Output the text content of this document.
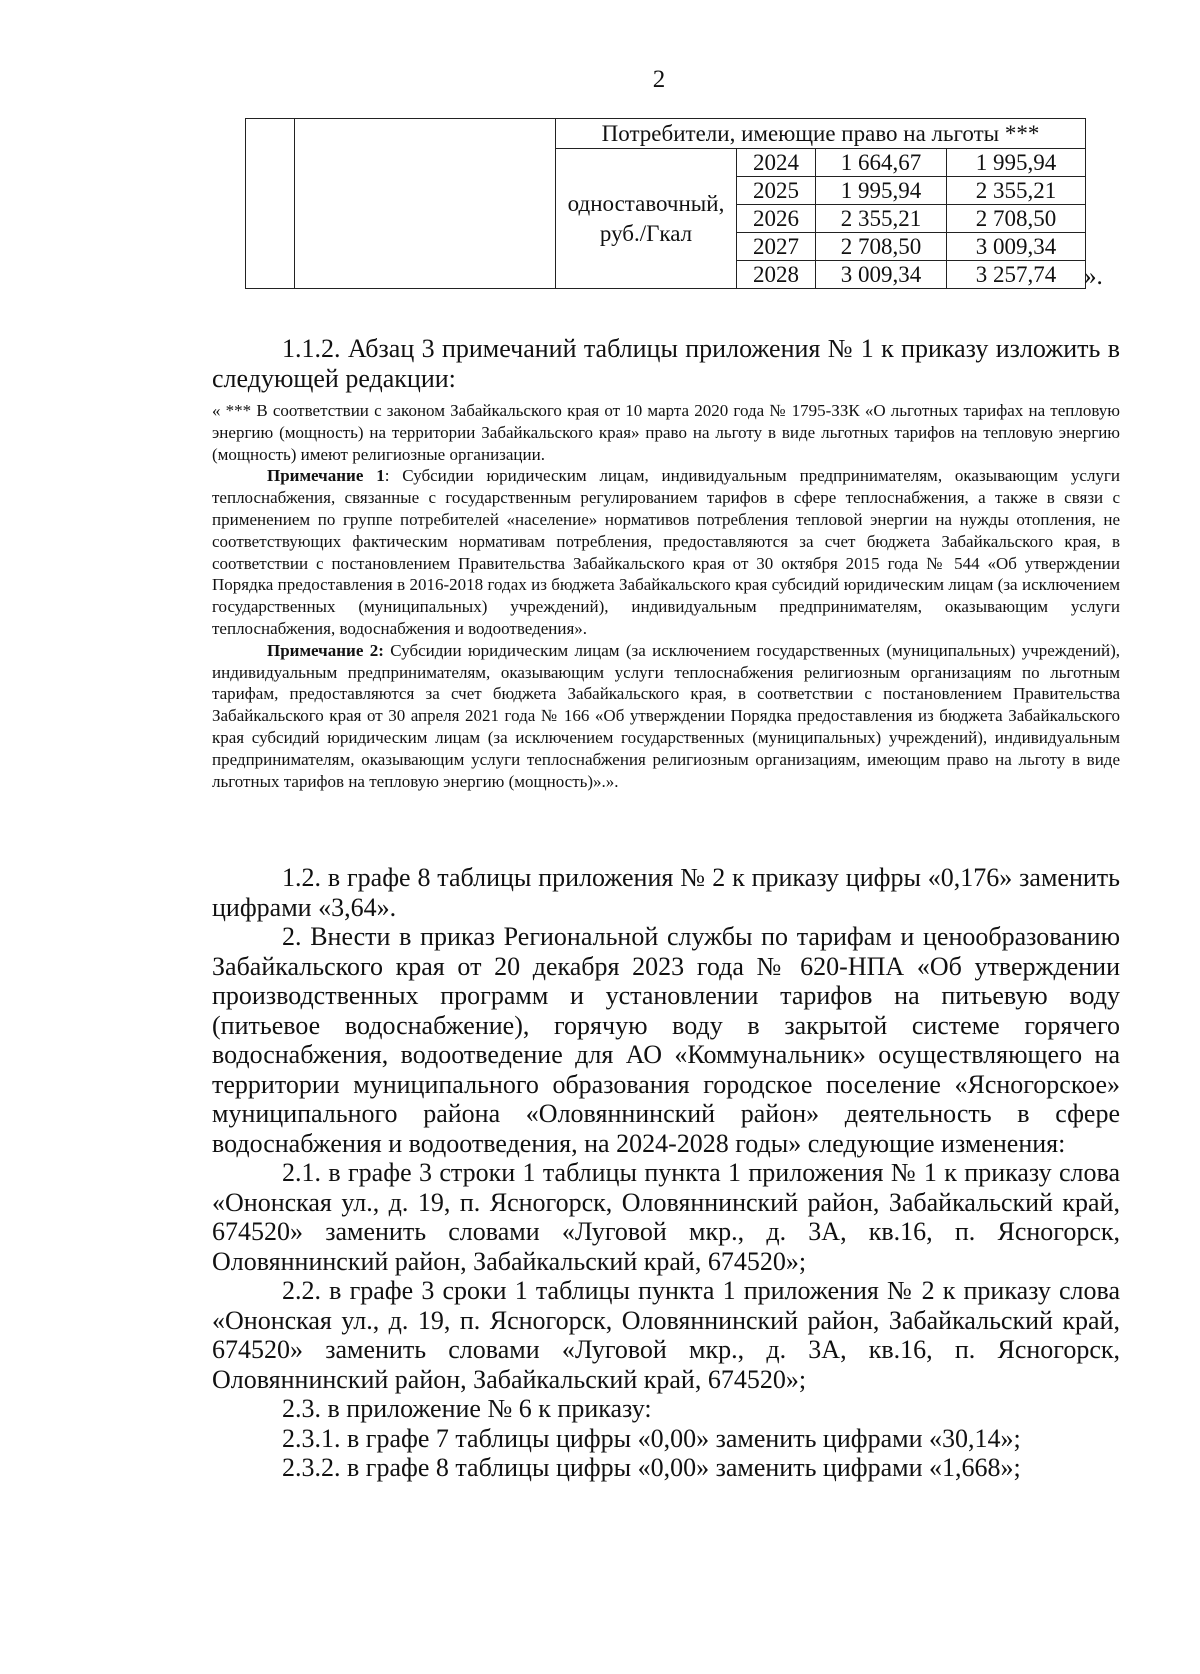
2
		Потребители, имеющие право на льготы ***			
		одноставочный, руб./Гкал	2024	1 664,67	1 995,94
			2025	1 995,94	2 355,21
			2026	2 355,21	2 708,50
			2027	2 708,50	3 009,34
			2028	3 009,34	3 257,74 ».

1.1.2. Абзац 3 примечаний таблицы приложения № 1 к приказу изложить в следующей редакции:

« *** В соответствии с законом Забайкальского края от 10 марта 2020 года № 1795-ЗЗК «О льготных тарифах на тепловую энергию (мощность) на территории Забайкальского края» право на льготу в виде льготных тарифов на тепловую энергию (мощность) имеют религиозные организации.

Примечание 1: Субсидии юридическим лицам, индивидуальным предпринимателям, оказывающим услуги теплоснабжения, связанные с государственным регулированием тарифов в сфере теплоснабжения, а также в связи с применением по группе потребителей «население» нормативов потребления тепловой энергии на нужды отопления, не соответствующих фактическим нормативам потребления, предоставляются за счет бюджета Забайкальского края, в соответствии с постановлением Правительства Забайкальского края от 30 октября 2015 года № 544 «Об утверждении Порядка предоставления в 2016-2018 годах из бюджета Забайкальского края субсидий юридическим лицам (за исключением государственных (муниципальных) учреждений), индивидуальным предпринимателям, оказывающим услуги теплоснабжения, водоснабжения и водоотведения».

Примечание 2: Субсидии юридическим лицам (за исключением государственных (муниципальных) учреждений), индивидуальным предпринимателям, оказывающим услуги теплоснабжения религиозным организациям по льготным тарифам, предоставляются за счет бюджета Забайкальского края, в соответствии с постановлением Правительства Забайкальского края от 30 апреля 2021 года № 166 «Об утверждении Порядка предоставления из бюджета Забайкальского края субсидий юридическим лицам (за исключением государственных (муниципальных) учреждений), индивидуальным предпринимателям, оказывающим услуги теплоснабжения религиозным организациям, имеющим право на льготу в виде льготных тарифов на тепловую энергию (мощность)».».

1.2. в графе 8 таблицы приложения № 2 к приказу цифры «0,176» заменить цифрами «3,64».

2. Внести в приказ Региональной службы по тарифам и ценообразованию Забайкальского края от 20 декабря 2023 года № 620-НПА «Об утверждении производственных программ и установлении тарифов на питьевую воду (питьевое водоснабжение), горячую воду в закрытой системе горячего водоснабжения, водоотведение для АО «Коммунальник» осуществляющего на территории муниципального образования городское поселение «Ясногорское» муниципального района «Оловяннинский район» деятельность в сфере водоснабжения и водоотведения, на 2024-2028 годы» следующие изменения:

2.1. в графе 3 строки 1 таблицы пункта 1 приложения № 1 к приказу слова «Ононская ул., д. 19, п. Ясногорск, Оловяннинский район, Забайкальский край, 674520» заменить словами «Луговой мкр., д. 3А, кв.16, п. Ясногорск, Оловяннинский район, Забайкальский край, 674520»;

2.2. в графе 3 сроки 1 таблицы пункта 1 приложения № 2 к приказу слова «Ононская ул., д. 19, п. Ясногорск, Оловяннинский район, Забайкальский край, 674520» заменить словами «Луговой мкр., д. 3А, кв.16, п. Ясногорск, Оловяннинский район, Забайкальский край, 674520»;

2.3. в приложение № 6 к приказу:

2.3.1. в графе 7 таблицы цифры «0,00» заменить цифрами «30,14»;

2.3.2. в графе 8 таблицы цифры «0,00» заменить цифрами «1,668»;
